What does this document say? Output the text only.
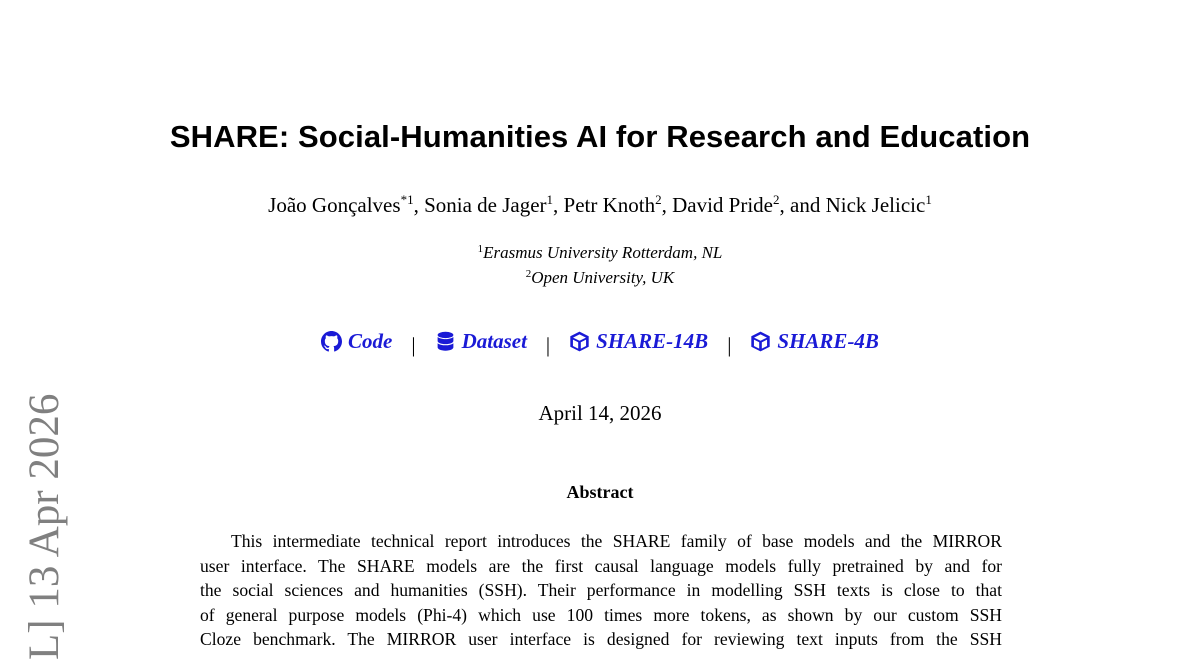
SHARE: Social-Humanities AI for Research and Education
João Gonçalves$^{*1}$, Sonia de Jager$^1$, Petr Knoth$^2$, David Pride$^2$, and Nick Jelicic$^1$
$^1$Erasmus University Rotterdam, NL
$^2$Open University, UK
Code | Dataset | SHARE-14B | SHARE-4B
April 14, 2026
Abstract
This intermediate technical report introduces the SHARE family of base models and the MIRROR
user interface. The SHARE models are the first causal language models fully pretrained by and for
the social sciences and humanities (SSH). Their performance in modelling SSH texts is close to that
of general purpose models (Phi-4) which use 100 times more tokens, as shown by our custom SSH
Cloze benchmark. The MIRROR user interface is designed for reviewing text inputs from the SSH
L] 13 Apr 2026
